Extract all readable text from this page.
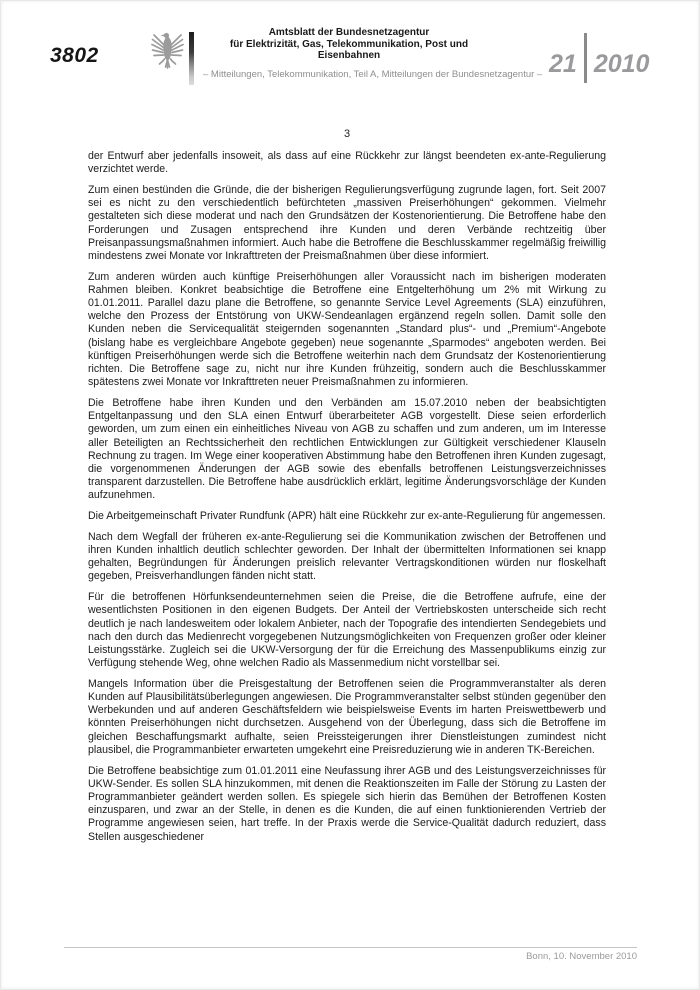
3802
Amtsblatt der Bundesnetzagentur
für Elektrizität, Gas, Telekommunikation, Post und Eisenbahnen
– Mitteilungen, Telekommunikation, Teil A, Mitteilungen der Bundesnetzagentur – 21 2010
3

der Entwurf aber jedenfalls insoweit, als dass auf eine Rückkehr zur längst beendeten ex-ante-Regulierung verzichtet werde.

Zum einen bestünden die Gründe, die der bisherigen Regulierungsverfügung zugrunde lagen, fort. Seit 2007 sei es nicht zu den verschiedentlich befürchteten „massiven Preiserhöhungen“ gekommen. Vielmehr gestalteten sich diese moderat und nach den Grundsätzen der Kostenorientierung. Die Betroffene habe den Forderungen und Zusagen entsprechend ihre Kunden und deren Verbände rechtzeitig über Preisanpassungsmaßnahmen informiert. Auch habe die Betroffene die Beschlusskammer regelmäßig freiwillig mindestens zwei Monate vor Inkrafttreten der Preismaßnahmen über diese informiert.

Zum anderen würden auch künftige Preiserhöhungen aller Voraussicht nach im bisherigen moderaten Rahmen bleiben. Konkret beabsichtige die Betroffene eine Entgelterhöhung um 2% mit Wirkung zu 01.01.2011. Parallel dazu plane die Betroffene, so genannte Service Level Agreements (SLA) einzuführen, welche den Prozess der Entstörung von UKW-Sendeanlagen ergänzend regeln sollen. Damit solle den Kunden neben die Servicequalität steigernden sogenannten „Standard plus“- und „Premium“-Angebote (bislang habe es vergleichbare Angebote gegeben) neue sogenannte „Sparmodes“ angeboten werden. Bei künftigen Preiserhöhungen werde sich die Betroffene weiterhin nach dem Grundsatz der Kostenorientierung richten. Die Betroffene sage zu, nicht nur ihre Kunden frühzeitig, sondern auch die Beschlusskammer spätestens zwei Monate vor Inkrafttreten neuer Preismaßnahmen zu informieren.

Die Betroffene habe ihren Kunden und den Verbänden am 15.07.2010 neben der beabsichtigten Entgeltanpassung und den SLA einen Entwurf überarbeiteter AGB vorgestellt. Diese seien erforderlich geworden, um zum einen ein einheitliches Niveau von AGB zu schaffen und zum anderen, um im Interesse aller Beteiligten an Rechtssicherheit den rechtlichen Entwicklungen zur Gültigkeit verschiedener Klauseln Rechnung zu tragen. Im Wege einer kooperativen Abstimmung habe den Betroffenen ihren Kunden zugesagt, die vorgenommenen Änderungen der AGB sowie des ebenfalls betroffenen Leistungsverzeichnisses transparent darzustellen. Die Betroffene habe ausdrücklich erklärt, legitime Änderungsvorschläge der Kunden aufzunehmen.

Die Arbeitgemeinschaft Privater Rundfunk (APR) hält eine Rückkehr zur ex-ante-Regulierung für angemessen.

Nach dem Wegfall der früheren ex-ante-Regulierung sei die Kommunikation zwischen der Betroffenen und ihren Kunden inhaltlich deutlich schlechter geworden. Der Inhalt der übermittelten Informationen sei knapp gehalten, Begründungen für Änderungen preislich relevanter Vertragskonditionen würden nur floskelhaft gegeben, Preisverhandlungen fänden nicht statt.

Für die betroffenen Hörfunksendeunternehmen seien die Preise, die die Betroffene aufrufe, eine der wesentlichsten Positionen in den eigenen Budgets. Der Anteil der Vertriebskosten unterscheide sich recht deutlich je nach landesweitem oder lokalem Anbieter, nach der Topografie des intendierten Sendegebiets und nach den durch das Medienrecht vorgegebenen Nutzungsmöglichkeiten von Frequenzen großer oder kleiner Leistungsstärke. Zugleich sei die UKW-Versorgung der für die Erreichung des Massenpublikums einzig zur Verfügung stehende Weg, ohne welchen Radio als Massenmedium nicht vorstellbar sei.

Mangels Information über die Preisgestaltung der Betroffenen seien die Programmveranstalter als deren Kunden auf Plausibilitätsüberlegungen angewiesen. Die Programmveranstalter selbst stünden gegenüber den Werbekunden und auf anderen Geschäftsfeldern wie beispielsweise Events im harten Preiswettbewerb und könnten Preiserhöhungen nicht durchsetzen. Ausgehend von der Überlegung, dass sich die Betroffene im gleichen Beschaffungsmarkt aufhalte, seien Preissteigerungen ihrer Dienstleistungen zumindest nicht plausibel, die Programmanbieter erwarteten umgekehrt eine Preisreduzierung wie in anderen TK-Bereichen.

Die Betroffene beabsichtige zum 01.01.2011 eine Neufassung ihrer AGB und des Leistungsverzeichnisses für UKW-Sender. Es sollen SLA hinzukommen, mit denen die Reaktionszeiten im Falle der Störung zu Lasten der Programmanbieter geändert werden sollen. Es spiegele sich hierin das Bemühen der Betroffenen Kosten einzusparen, und zwar an der Stelle, in denen es die Kunden, die auf einen funktionierenden Vertrieb der Programme angewiesen seien, hart treffe. In der Praxis werde die Service-Qualität dadurch reduziert, dass Stellen ausgeschiedener

Bonn, 10. November 2010
